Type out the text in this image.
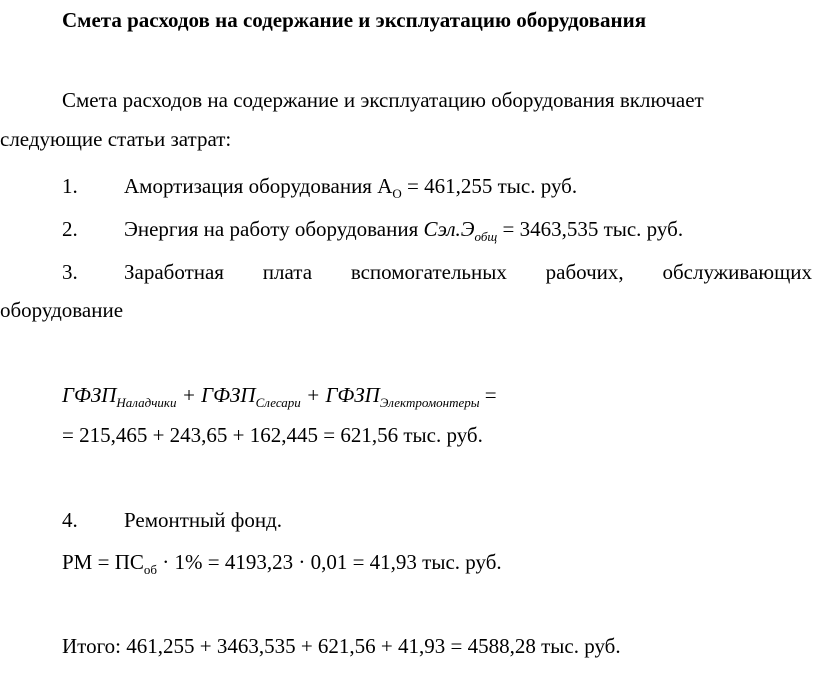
Смета расходов на содержание и эксплуатацию оборудования
Смета расходов на содержание и эксплуатацию оборудования включает
следующие статьи затрат:
1. Амортизация оборудования $А_О = 461,255$ тыс. руб.
2. Энергия на работу оборудования $Сэл.Э_{общ} = 3463,535$ тыс. руб.
3.	Заработная плата вспомогательных рабочих, обслуживающих
оборудование
$ГФЗП_{Наладчики}$ + $ГФЗП_{Слесари}$ + $ГФЗП_{Электромонтеры}$ =
= 215,465 + 243,65 + 162,445 = 621,56 тыс. руб.
4. Ремонтный фонд.
РМ = $ПС_{об} \cdot 1\% = 4193,23 \cdot 0,01 = 41,93$ тыс. руб.
Итого: 461,255 + 3463,535 + 621,56 + 41,93 = 4588,28 тыс. руб.
